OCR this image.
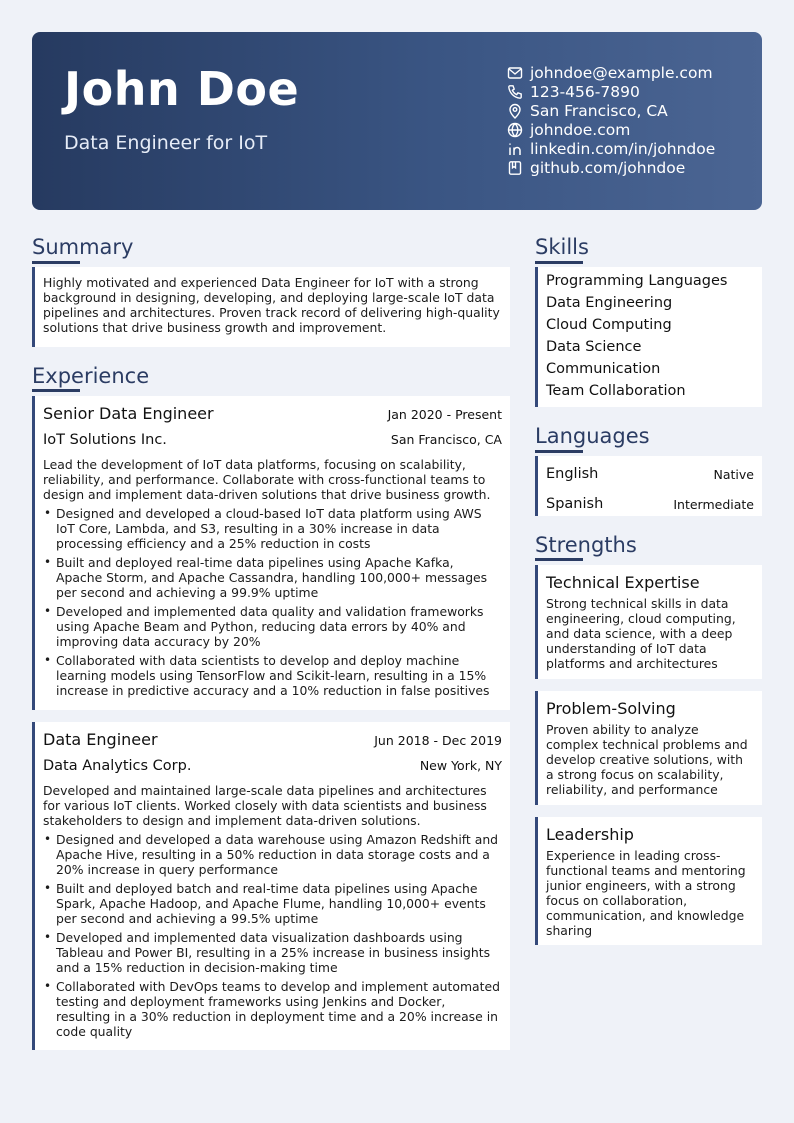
John Doe
Data Engineer for IoT
johndoe@example.com
123-456-7890
San Francisco, CA
johndoe.com
linkedin.com/in/johndoe
github.com/johndoe
Summary

Highly motivated and experienced Data Engineer for IoT with a strong background in designing, developing, and deploying large-scale IoT data pipelines and architectures. Proven track record of delivering high-quality solutions that drive business growth and improvement.

Experience
Senior Data Engineer	Jan 2020 - Present
IoT Solutions Inc.	San Francisco, CA

Lead the development of IoT data platforms, focusing on scalability, reliability, and performance. Collaborate with cross-functional teams to design and implement data-driven solutions that drive business growth.

• Designed and developed a cloud-based IoT data platform using AWS IoT Core, Lambda, and S3, resulting in a 30% increase in data processing efficiency and a 25% reduction in costs
• Built and deployed real-time data pipelines using Apache Kafka, Apache Storm, and Apache Cassandra, handling 100,000+ messages per second and achieving a 99.9% uptime
• Developed and implemented data quality and validation frameworks using Apache Beam and Python, reducing data errors by 40% and improving data accuracy by 20%
• Collaborated with data scientists to develop and deploy machine learning models using TensorFlow and Scikit-learn, resulting in a 15% increase in predictive accuracy and a 10% reduction in false positives
Data Engineer	Jun 2018 - Dec 2019
Data Analytics Corp.	New York, NY

Developed and maintained large-scale data pipelines and architectures for various IoT clients. Worked closely with data scientists and business stakeholders to design and implement data-driven solutions.

• Designed and developed a data warehouse using Amazon Redshift and Apache Hive, resulting in a 50% reduction in data storage costs and a 20% increase in query performance
• Built and deployed batch and real-time data pipelines using Apache Spark, Apache Hadoop, and Apache Flume, handling 10,000+ events per second and achieving a 99.5% uptime
• Developed and implemented data visualization dashboards using Tableau and Power BI, resulting in a 25% increase in business insights and a 15% reduction in decision-making time
• Collaborated with DevOps teams to develop and implement automated testing and deployment frameworks using Jenkins and Docker, resulting in a 30% reduction in deployment time and a 20% increase in code quality
Skills
Programming Languages
Data Engineering
Cloud Computing
Data Science
Communication
Team Collaboration
Languages
English	Native
Spanish	Intermediate
Strengths
Technical Expertise

Strong technical skills in data engineering, cloud computing, and data science, with a deep understanding of IoT data platforms and architectures

Problem-Solving

Proven ability to analyze complex technical problems and develop creative solutions, with a strong focus on scalability, reliability, and performance

Leadership

Experience in leading cross-functional teams and mentoring junior engineers, with a strong focus on collaboration, communication, and knowledge sharing
